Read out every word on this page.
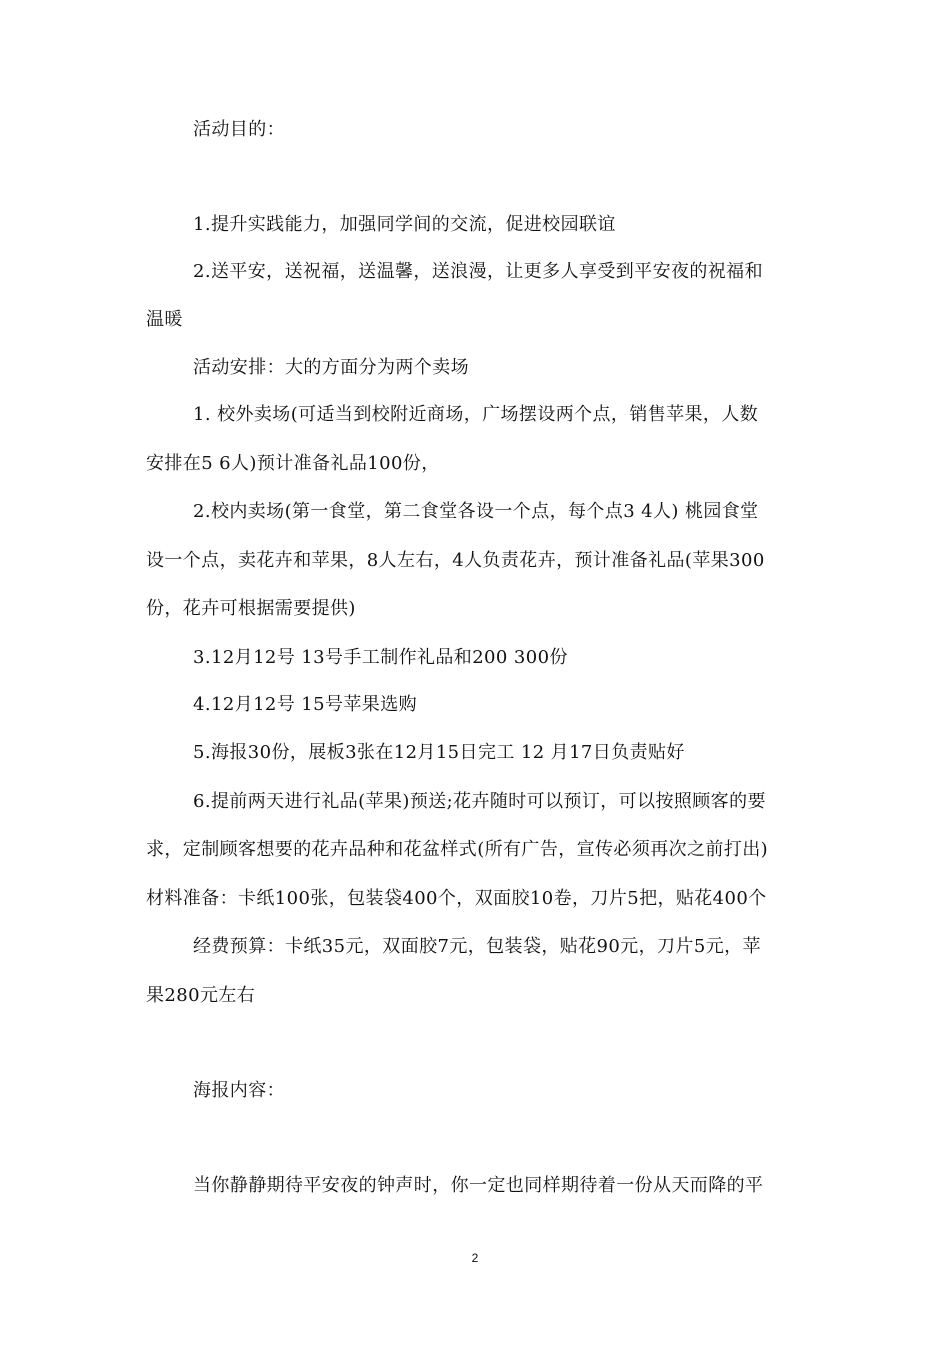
活动目的：
1.提升实践能力，加强同学间的交流，促进校园联谊
2.送平安，送祝福，送温馨，送浪漫，让更多人享受到平安夜的祝福和
温暖
活动安排：大的方面分为两个卖场
1. 校外卖场(可适当到校附近商场，广场摆设两个点，销售苹果，人数
安排在5 6人)预计准备礼品100份，
2.校内卖场(第一食堂，第二食堂各设一个点，每个点3 4人) 桃园食堂
设一个点，卖花卉和苹果，8人左右，4人负责花卉，预计准备礼品(苹果300
份，花卉可根据需要提供)
3.12月12号 13号手工制作礼品和200 300份
4.12月12号 15号苹果选购
5.海报30份，展板3张在12月15日完工 12 月17日负责贴好
6.提前两天进行礼品(苹果)预送;花卉随时可以预订，可以按照顾客的要
求，定制顾客想要的花卉品种和花盆样式(所有广告，宣传必须再次之前打出)
材料准备：卡纸100张，包装袋400个，双面胶10卷，刀片5把，贴花400个
经费预算：卡纸35元，双面胶7元，包装袋，贴花90元，刀片5元，苹
果280元左右
海报内容：
当你静静期待平安夜的钟声时，你一定也同样期待着一份从天而降的平
2
